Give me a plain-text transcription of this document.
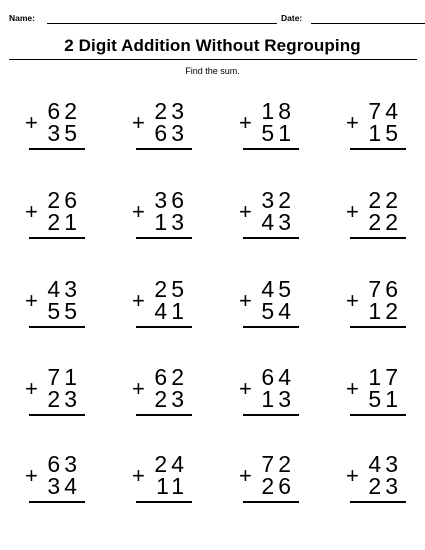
Name:	Date:
2 Digit Addition Without Regrouping
Find the sum.
+ 62
35 + 23
63 + 18
51 + 74
15
+ 26
21 + 36
13 + 32
43 + 22
22
+ 43
55 + 25
41 + 45
54 + 76
12
+ 71
23 + 62
23 + 64
13 + 17
51
+ 63
34 + 24
11 + 72
26 + 43
23
